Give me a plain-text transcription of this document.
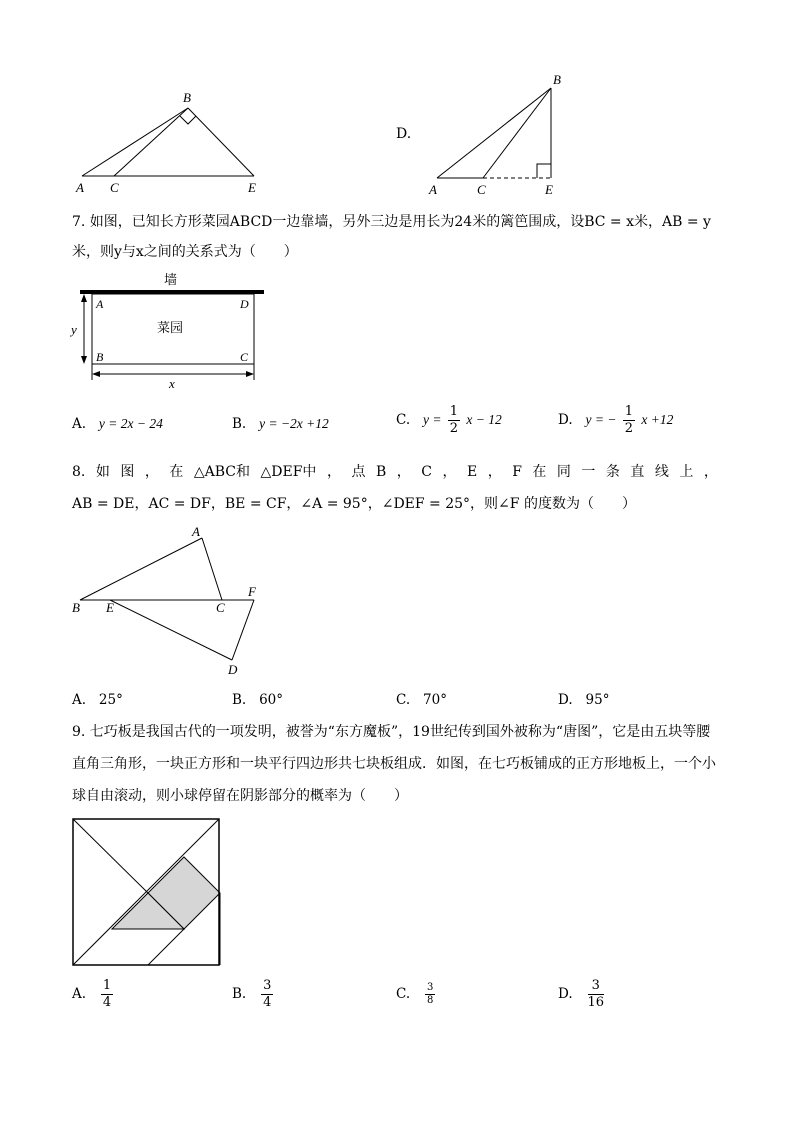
A C	E
B
D.
A	C	E
B
7. 如图，已知长方形菜园ABCD一边靠墙，另外三边是用长为24米的篱笆围成，设BC = x米，AB = y
米，则y与x之间的关系式为（　　）
墙
菜园
A	D
B	C
y
x
A. y = 2x − 24	B. y = −2x +12	C. $y = \frac{1}{2}$ x − 12	D. y = − $\frac{1}{2}$ x +12
8. 如 图 ， 在 △ABC和 △DEF中 ， 点 B ， C ， E ， F 在 同 一 条 直 线 上 ，
AB = DE，AC = DF，BE = CF，∠A = 95°，∠DEF = 25°，则∠F 的度数为（　　）
A
B E	C
F
D
A. 25°	B. 60°	C. 70°	D. 95°
9. 七巧板是我国古代的一项发明，被誉为“东方魔板”，19世纪传到国外被称为“唐图”，它是由五块等腰
直角三角形，一块正方形和一块平行四边形共七块板组成．如图，在七巧板铺成的正方形地板上，一个小
球自由滚动，则小球停留在阴影部分的概率为（　　）
A. $\frac{1}{4}$	B. $\frac{3}{4}$	C. $\frac{3}{8}$	D. $\frac{3}{16}$
